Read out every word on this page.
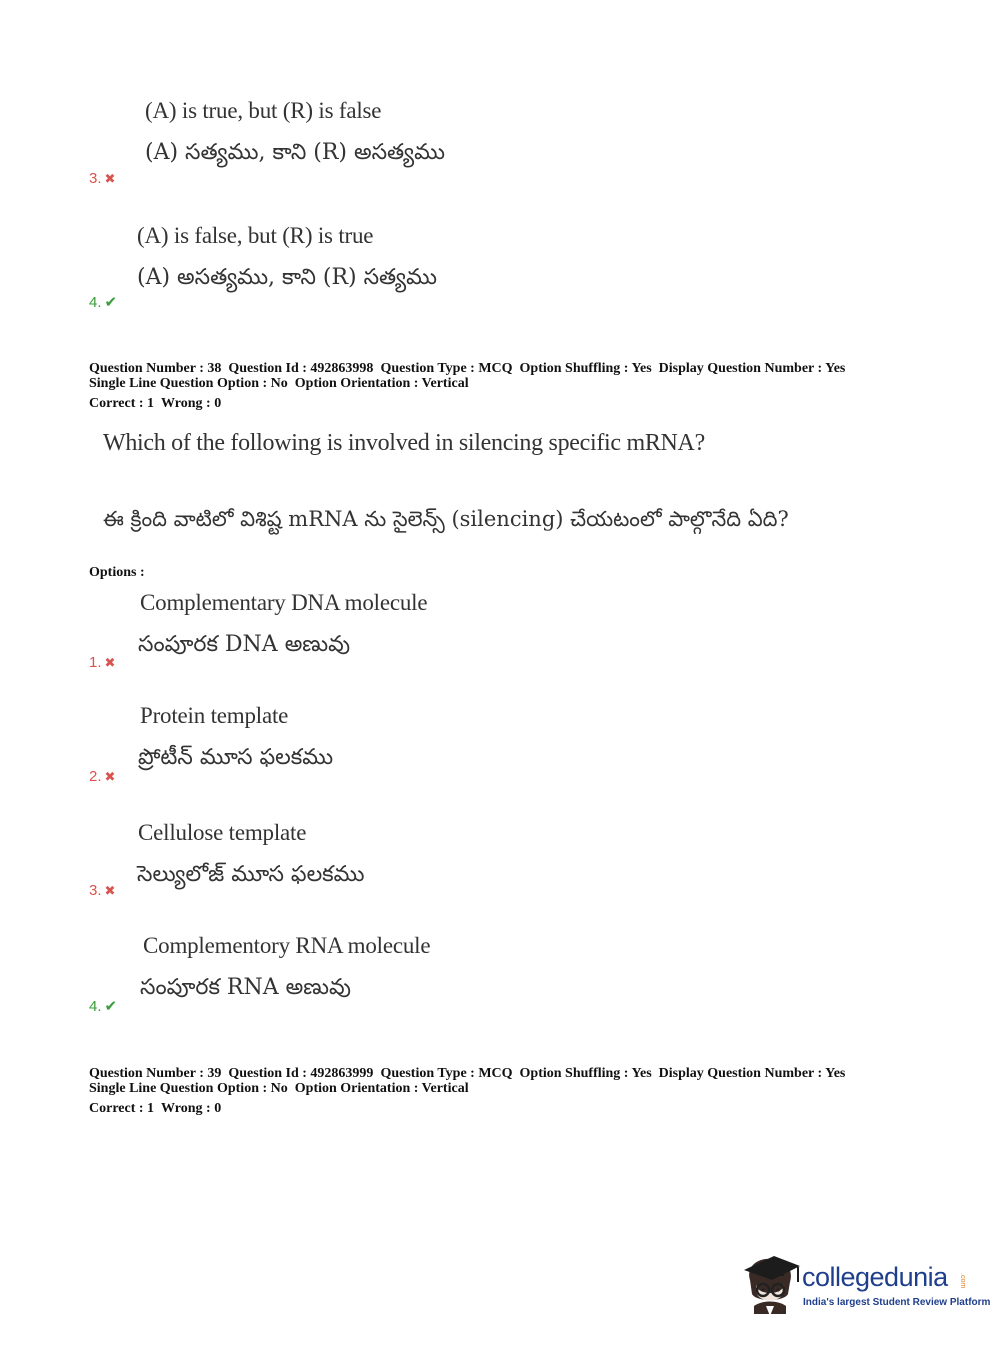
(A) is true, but (R) is false
(A) సత్యము, కాని (R) అసత్యము
3. ✖
(A) is false, but (R) is true
(A) అసత్యము, కాని (R) సత్యము
4. ✔
Question Number : 38 Question Id : 492863998 Question Type : MCQ Option Shuffling : Yes Display Question Number : Yes
Single Line Question Option : No Option Orientation : Vertical
Correct : 1 Wrong : 0
Which of the following is involved in silencing specific mRNA?
ఈ క్రింది వాటిలో విశిష్ట mRNA ను సైలెన్స్ (silencing) చేయటంలో పాల్గొనేది ఏది?
Options :
Complementary DNA molecule
సంపూరక DNA అణువు
1. ✖
Protein template
ప్రోటీన్ మూస ఫలకము
2. ✖
Cellulose template
సెల్యులోజ్ మూస ఫలకము
3. ✖
Complementory RNA molecule
సంపూరక RNA అణువు
4. ✔
Question Number : 39 Question Id : 492863999 Question Type : MCQ Option Shuffling : Yes Display Question Number : Yes
Single Line Question Option : No Option Orientation : Vertical
Correct : 1 Wrong : 0
collegedunia .com
India's largest Student Review Platform
